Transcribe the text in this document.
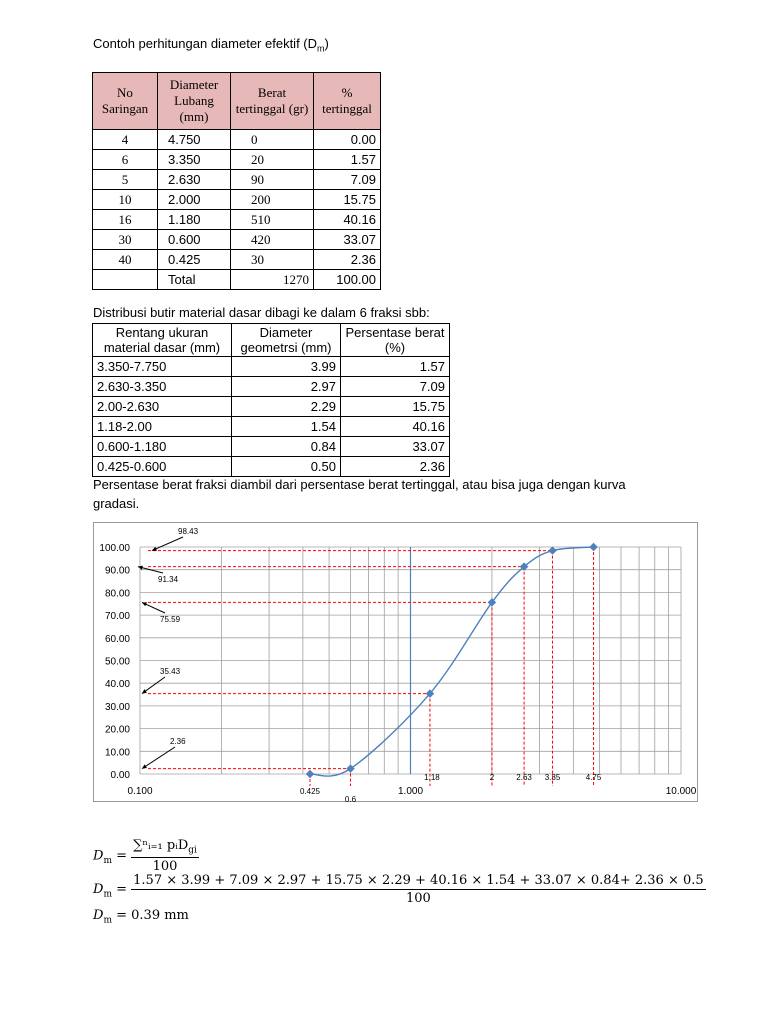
Contoh perhitungan diameter efektif $(D_m)$
No Saringan	Diameter Lubang (mm)	Berat tertinggal (gr)	% tertinggal
4	4.750	0	0.00
6	3.350	20	1.57
5	2.630	90	7.09
10	2.000	200	15.75
16	1.180	510	40.16
30	0.600	420	33.07
40	0.425	30	2.36
	Total	1270	100.00
Distribusi butir material dasar dibagi ke dalam 6 fraksi sbb:
Rentang ukuran material dasar (mm)	Diameter geometrsi (mm)	Persentase berat (%)
3.350-7.750	3.99	1.57
2.630-3.350	2.97	7.09
2.00-2.630	2.29	15.75
1.18-2.00	1.54	40.16
0.600-1.180	0.84	33.07
0.425-0.600	0.50	2.36
Persentase berat fraksi diambil dari persentase berat tertinggal, atau bisa juga dengan kurva gradasi.
0.00
10.00
20.00
30.00
40.00
50.00
60.00
70.00
80.00
90.00
100.00
0.100	1.000	10.000
0.425
0.6
1.18	2	2.63 3.35	4.75
98.43
91.34
75.59
35.43
2.36
$D_m = \frac{\sum^nᵢ_{=1} pᵢD_{gi}}{100}$
$D_m$ =
1.57 × 3.99 + 7.09 × 2.97 + 15.75 × 2.29 + 40.16 × 1.54 + 33.07 × 0.84+ 2.36 × 0.5
100
$D_m = 0.39$ mm
